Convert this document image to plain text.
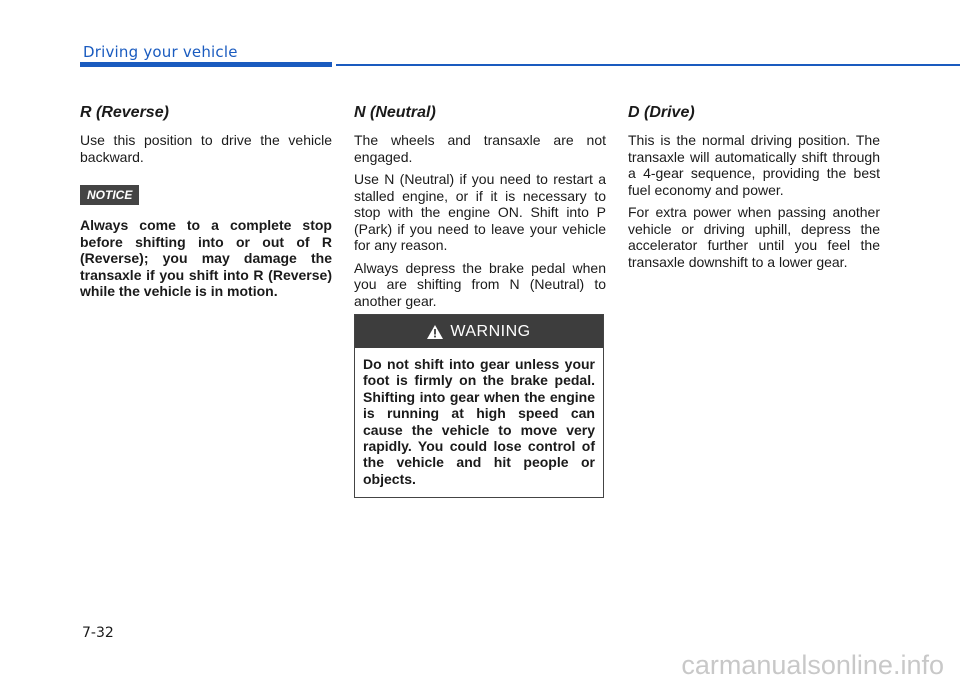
Driving your vehicle
R (Reverse)

Use this position to drive the vehicle backward.

NOTICE
Always come to a complete stop before shifting into or out of R (Reverse); you may damage the transaxle if you shift into R (Reverse) while the vehicle is in motion.
N (Neutral)

The wheels and transaxle are not engaged.

Use N (Neutral) if you need to restart a stalled engine, or if it is necessary to stop with the engine ON. Shift into P (Park) if you need to leave your vehicle for any reason.

Always depress the brake pedal when you are shifting from N (Neutral) to another gear.

WARNING
Do not shift into gear unless your foot is firmly on the brake pedal. Shifting into gear when the engine is running at high speed can cause the vehicle to move very rapidly. You could lose control of the vehicle and hit people or objects.
D (Drive)

This is the normal driving position. The transaxle will automatically shift through a 4-gear sequence, providing the best fuel economy and power.

For extra power when passing another vehicle or driving uphill, depress the accelerator further until you feel the transaxle downshift to a lower gear.

7-32
carmanualsonline.info
